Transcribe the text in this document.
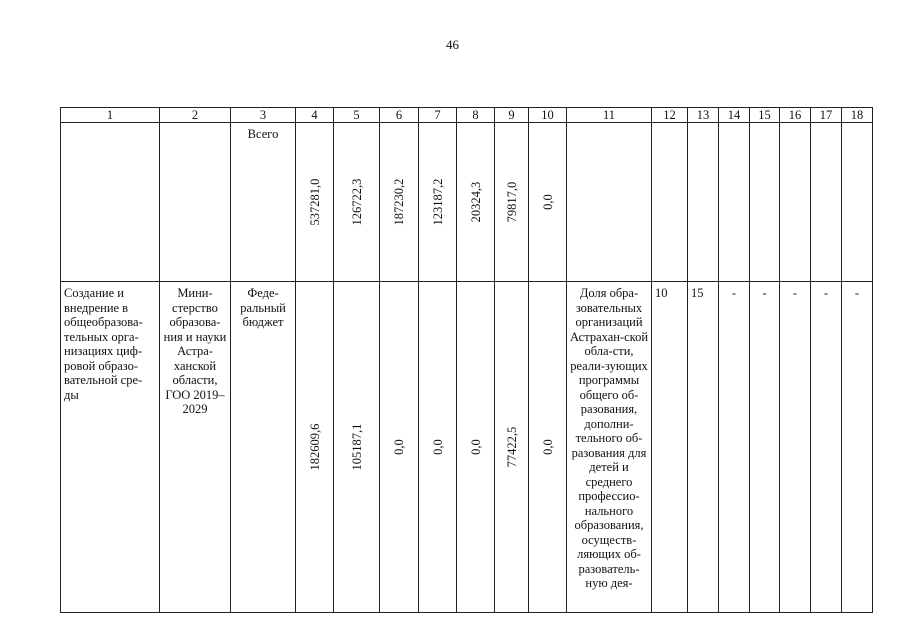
46
1	2	3	4	5	6	7	8	9	10	11	12	13	14	15	16	17	18
		Всего	537281,0	126722,3	187230,2	123187,2	20324,3	79817,0	0,0								

Создание и внедрение в общеобразова-тельных орга-низациях циф-ровой образо-вательной сре-ды	Мини-стерство образова-ния и науки Астра-ханской области, ГОО 2019–2029	Феде-ральный бюджет	182609,6	105187,1	0,0	0,0	0,0	77422,5	0,0	Доля обра-зовательных организаций Астрахан-ской обла-сти, реали-зующих программы общего об-разования, дополни-тельного об-разования для детей и среднего профессио-нального образования, осуществ-ляющих об-разователь-ную дея-	10	15	-	-	-	-	-
